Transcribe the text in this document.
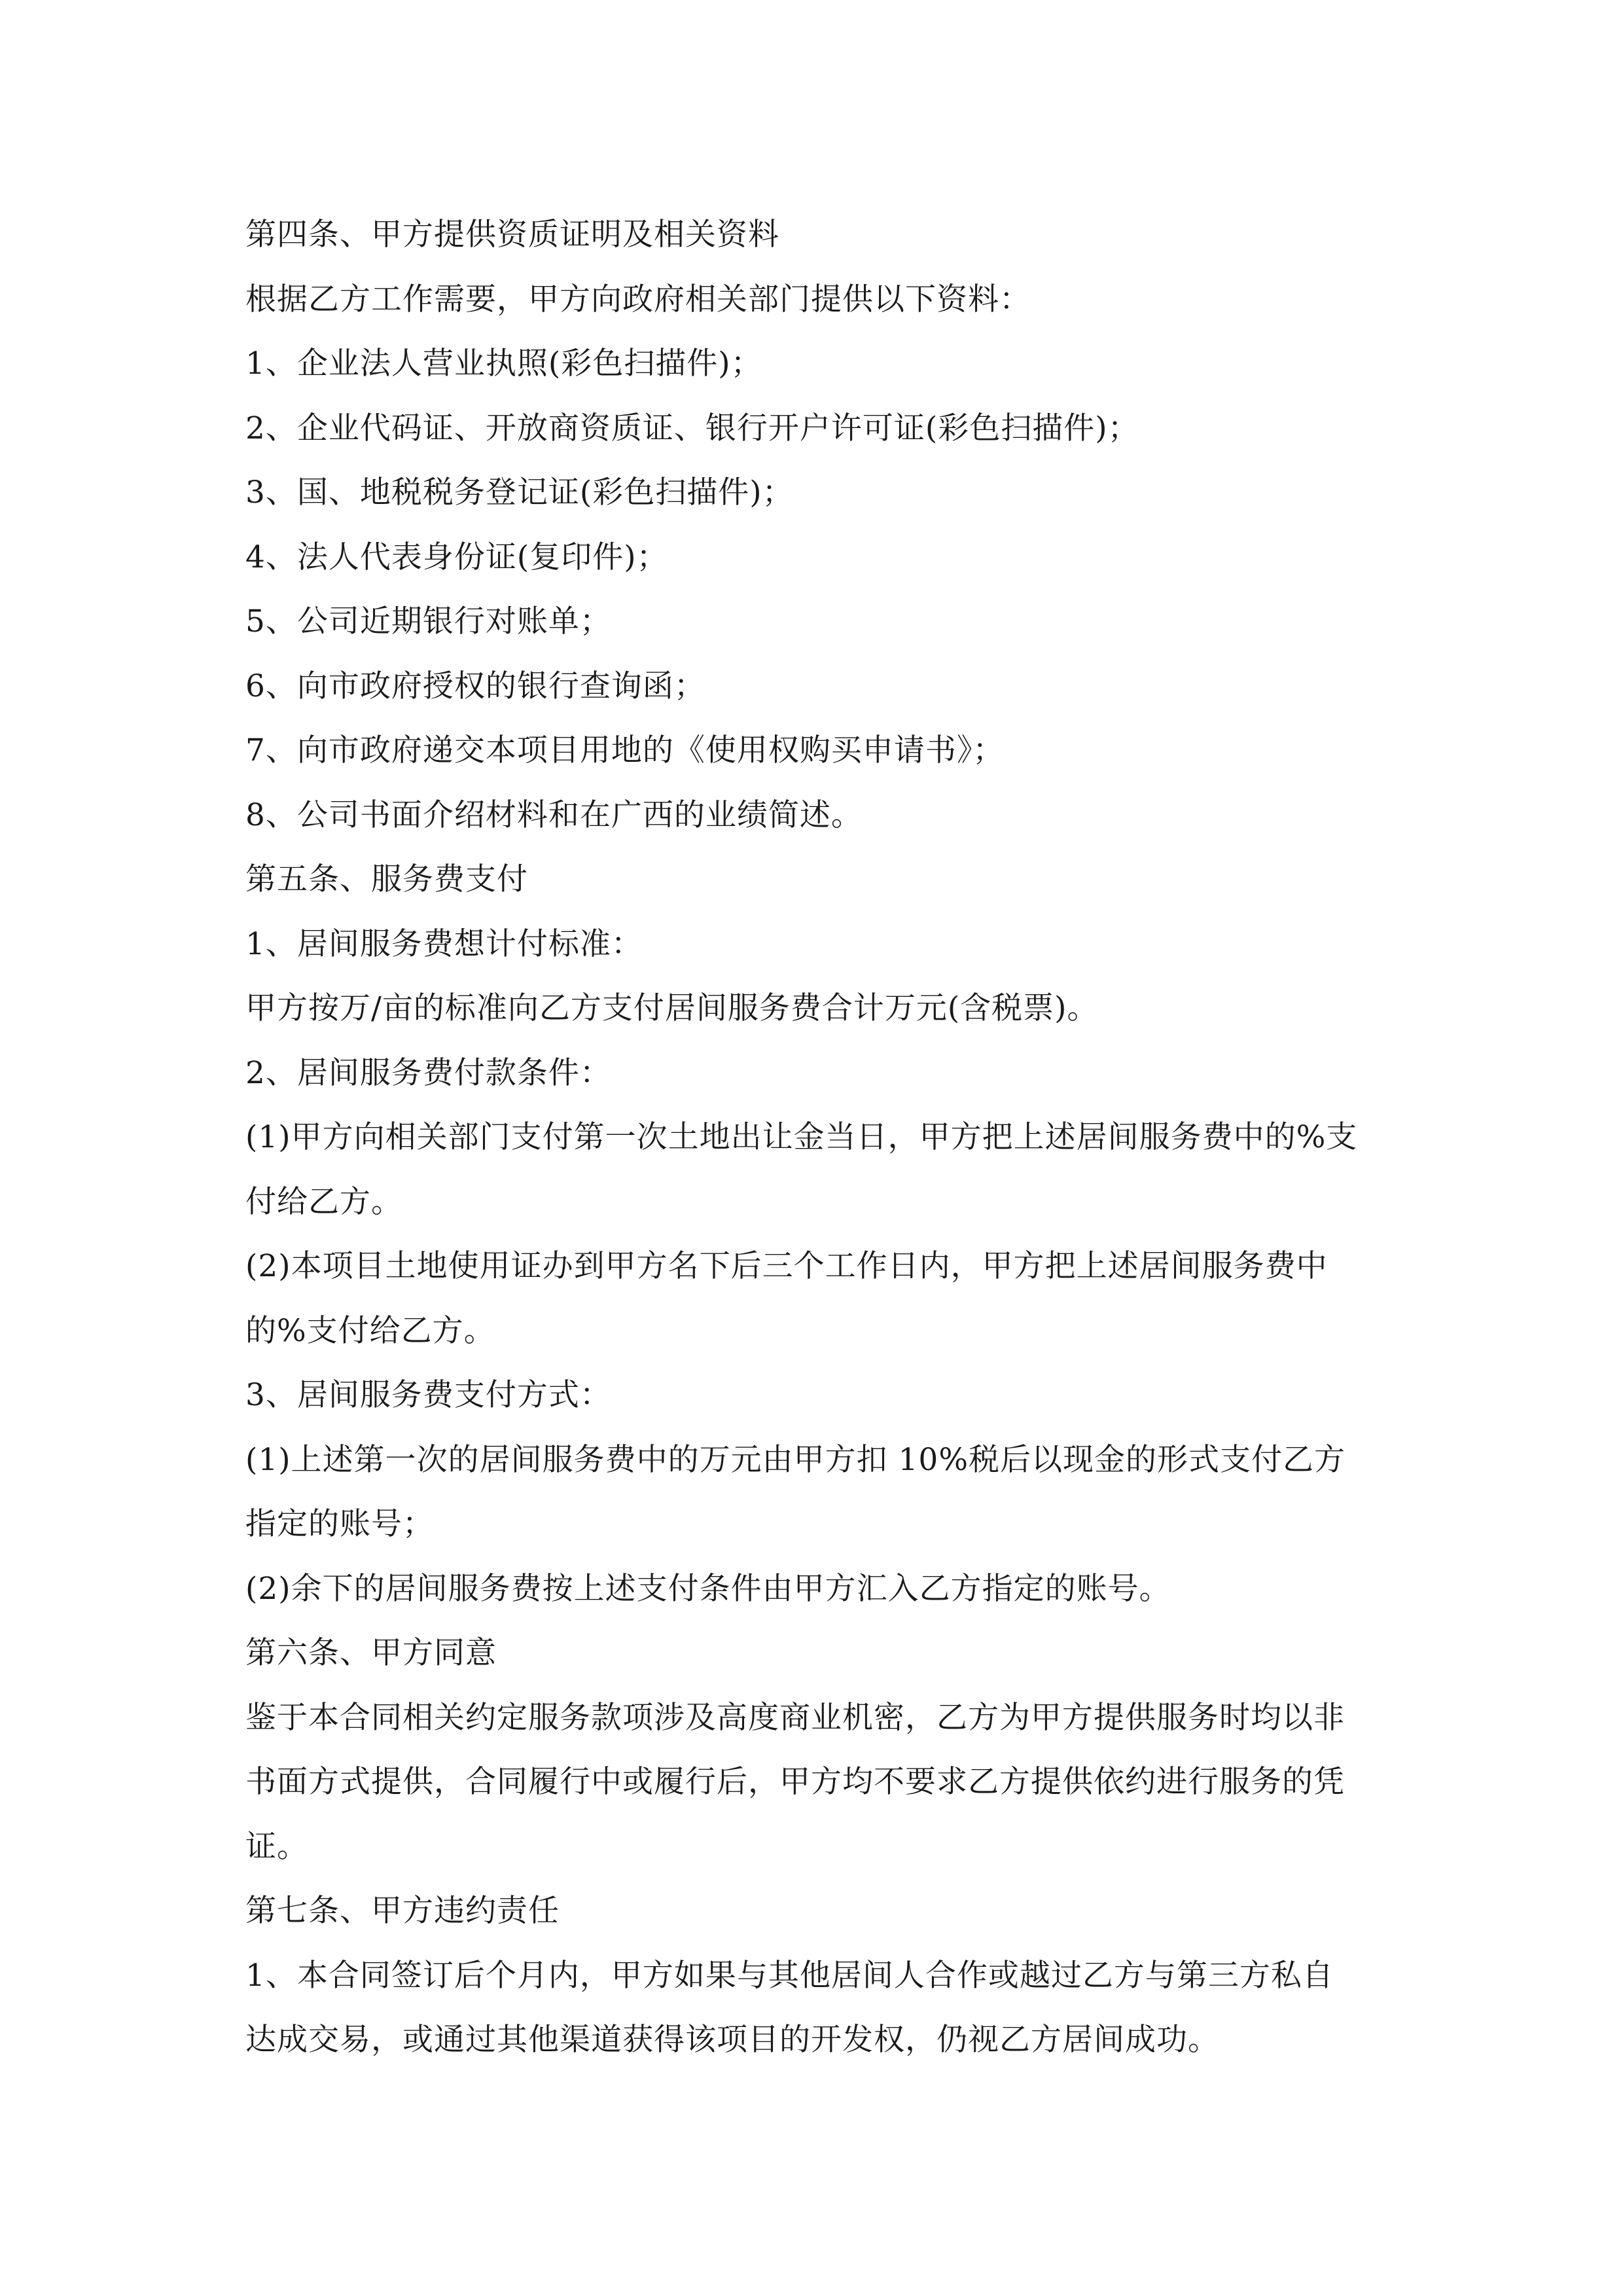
第四条、甲方提供资质证明及相关资料

根据乙方工作需要，甲方向政府相关部门提供以下资料：

1、企业法人营业执照(彩色扫描件)；

2、企业代码证、开放商资质证、银行开户许可证(彩色扫描件)；

3、国、地税税务登记证(彩色扫描件)；

4、法人代表身份证(复印件)；

5、公司近期银行对账单；

6、向市政府授权的银行查询函；

7、向市政府递交本项目用地的《使用权购买申请书》；

8、公司书面介绍材料和在广西的业绩简述。

第五条、服务费支付

1、居间服务费想计付标准：

甲方按万/亩的标准向乙方支付居间服务费合计万元(含税票)。

2、居间服务费付款条件：

(1)甲方向相关部门支付第一次土地出让金当日，甲方把上述居间服务费中的%支

付给乙方。

(2)本项目土地使用证办到甲方名下后三个工作日内，甲方把上述居间服务费中

的%支付给乙方。

3、居间服务费支付方式：

(1)上述第一次的居间服务费中的万元由甲方扣 10%税后以现金的形式支付乙方

指定的账号；

(2)余下的居间服务费按上述支付条件由甲方汇入乙方指定的账号。

第六条、甲方同意

鉴于本合同相关约定服务款项涉及高度商业机密，乙方为甲方提供服务时均以非

书面方式提供，合同履行中或履行后，甲方均不要求乙方提供依约进行服务的凭

证。

第七条、甲方违约责任

1、本合同签订后个月内，甲方如果与其他居间人合作或越过乙方与第三方私自

达成交易，或通过其他渠道获得该项目的开发权，仍视乙方居间成功。
